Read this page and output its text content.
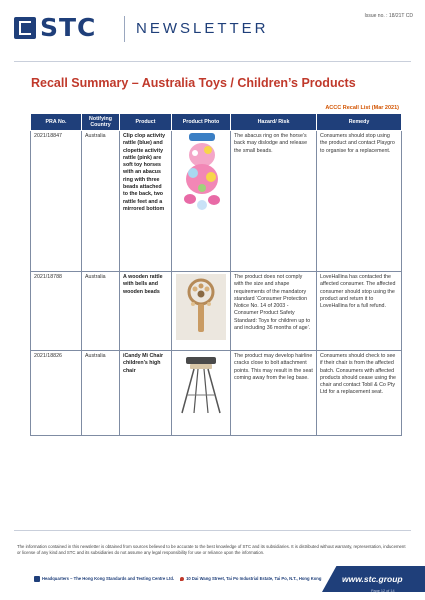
STC	NEWSLETTER
Issue no. : 18/21T CD
Recall Summary – Australia Toys / Children’s Products
ACCC Recall List (Mar 2021)
PRA No.	Notifying Country	Product	Product Photo	Hazard/ Risk	Remedy
2021/18847	Australia	Clip clop activity rattle (blue) and clopette activity rattle (pink) are soft toy horses with an abacus ring with three beads attached to the back, two rattle feet and a mirrored bottom		The abacus ring on the horse’s back may dislodge and release the small beads.	Consumers should stop using the product and contact Playgro to organise for a replacement.
2021/18788	Australia	A wooden rattle with bells and wooden beads		The product does not comply with the size and shape requirements of the mandatory standard ‘Consumer Protection Notice No. 14 of 2003 - Consumer Product Safety Standard: Toys for children up to and including 36 months of age’.	LoveHallina has contacted the affected consumer. The affected consumer should stop using the product and return it to LoveHallina for a full refund.
2021/18826	Australia	iCandy Mi Chair children’s high chair		The product may develop hairline cracks close to bolt attachment points. This may result in the seat coming away from the leg base.	Consumers should check to see if their chair is from the affected batch. Consumers with affected products should cease using the chair and contact Tobil & Co Pty Ltd for a replacement seat.
The information contained in this newsletter is obtained from sources believed to be accurate to the best knowledge of STC and its subsidiaries. It is distributed without warranty, representation, inducement or license of any kind and STC and its subsidiaries do not assume any legal responsibility for use or reliance upon the information.
Headquarters – The Hong Kong Standards and Testing Centre Ltd.	10 Dai Wang Street, Tai Po Industrial Estate, Tai Po, N.T., Hong Kong www.stc.group
Page 12 of 14
